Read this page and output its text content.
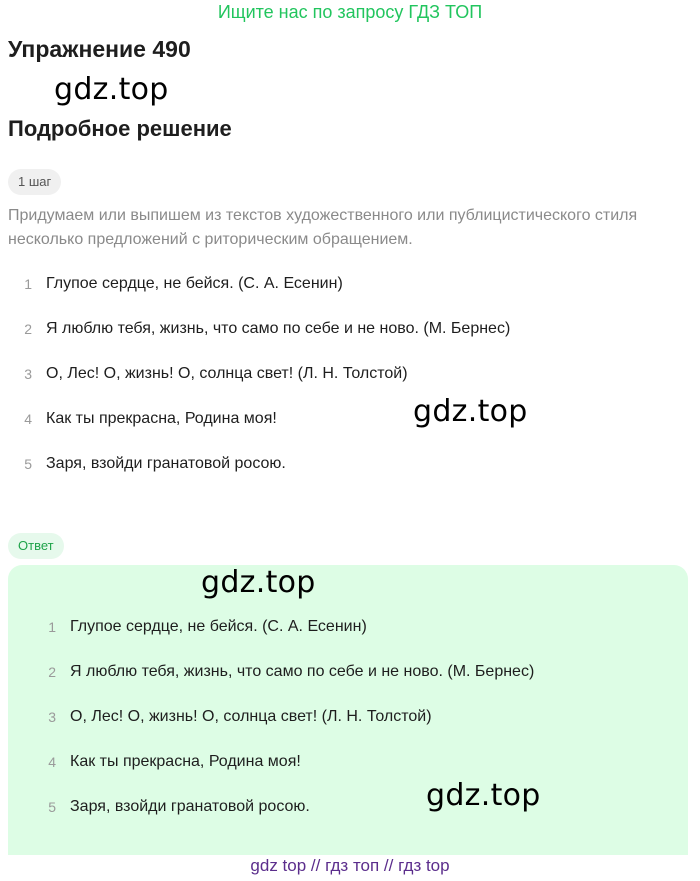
Ищите нас по запросу ГДЗ ТОП
Упражнение 490
gdz.top
Подробное решение
1 шаг
Придумаем или выпишем из текстов художественного или публицистического стиля несколько предложений с риторическим обращением.
1 Глупое сердце, не бейся. (С. А. Есенин)
2 Я люблю тебя, жизнь, что само по себе и не ново. (М. Бернес)
3 О, Лес! О, жизнь! О, солнца свет! (Л. Н. Толстой)
4 Как ты прекрасна, Родина моя!
5 Заря, взойди гранатовой росою.
gdz.top
Ответ
gdz.top
1 Глупое сердце, не бейся. (С. А. Есенин)
2 Я люблю тебя, жизнь, что само по себе и не ново. (М. Бернес)
3 О, Лес! О, жизнь! О, солнца свет! (Л. Н. Толстой)
4 Как ты прекрасна, Родина моя!
5 Заря, взойди гранатовой росою.	gdz.top
gdz top // гдз топ // гдз top
